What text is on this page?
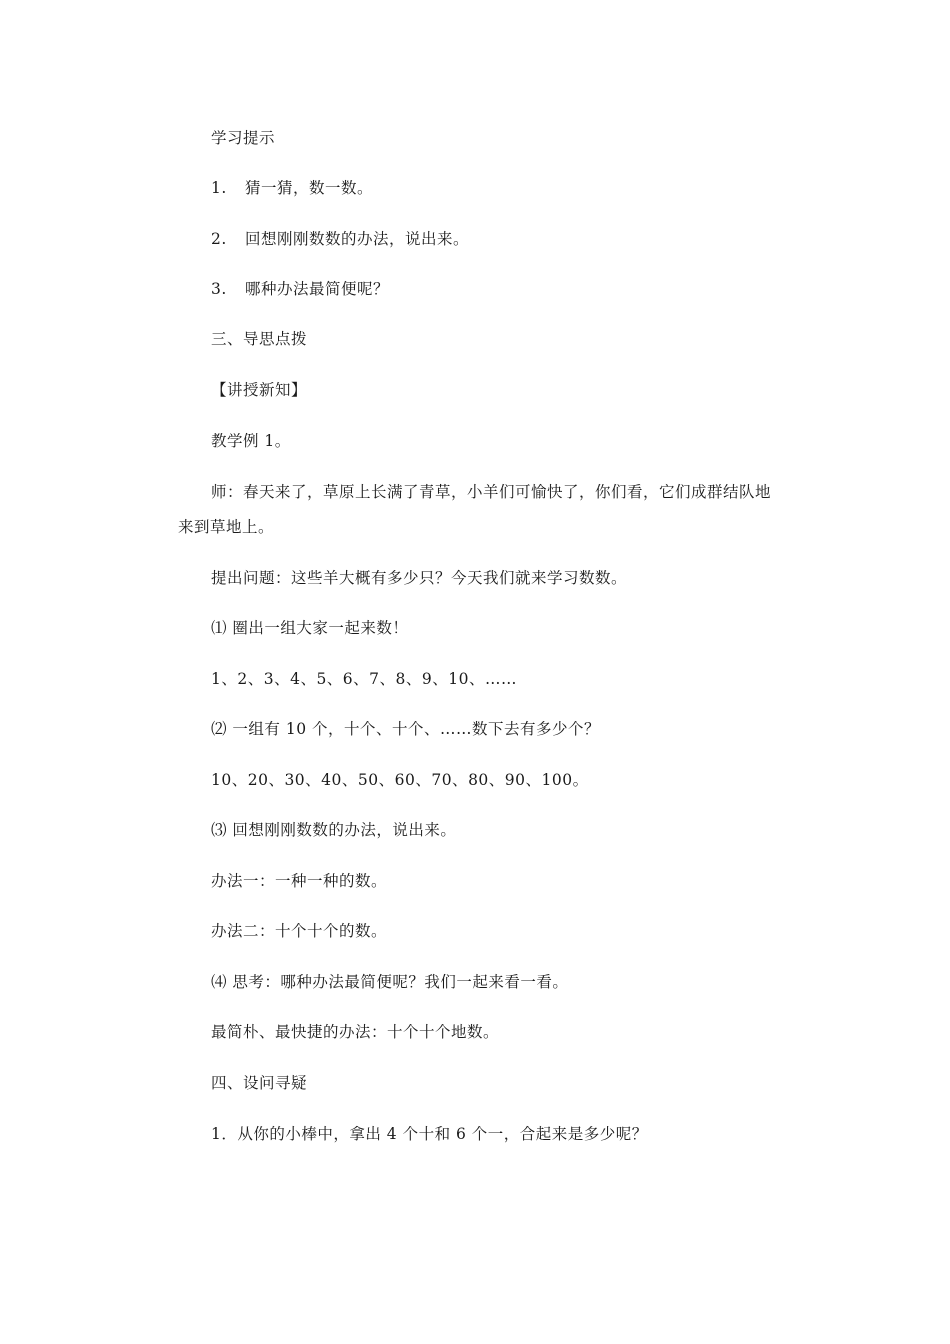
学习提示
1. 猜一猜，数一数。
2. 回想刚刚数数的办法，说出来。
3. 哪种办法最简便呢？
三、导思点拨
【讲授新知】
教学例 1。
师：春天来了，草原上长满了青草，小羊们可愉快了，你们看，它们成群结队地
来到草地上。
提出问题：这些羊大概有多少只？今天我们就来学习数数。
⑴ 圈出一组大家一起来数！
1、2、3、4、5、6、7、8、9、10、……
⑵ 一组有 10 个，十个、十个、……数下去有多少个？
10、20、30、40、50、60、70、80、90、100。
⑶ 回想刚刚数数的办法，说出来。
办法一：一种一种的数。
办法二：十个十个的数。
⑷ 思考：哪种办法最简便呢？我们一起来看一看。
最简朴、最快捷的办法：十个十个地数。
四、设问寻疑
1．从你的小棒中，拿出 4 个十和 6 个一，合起来是多少呢？
